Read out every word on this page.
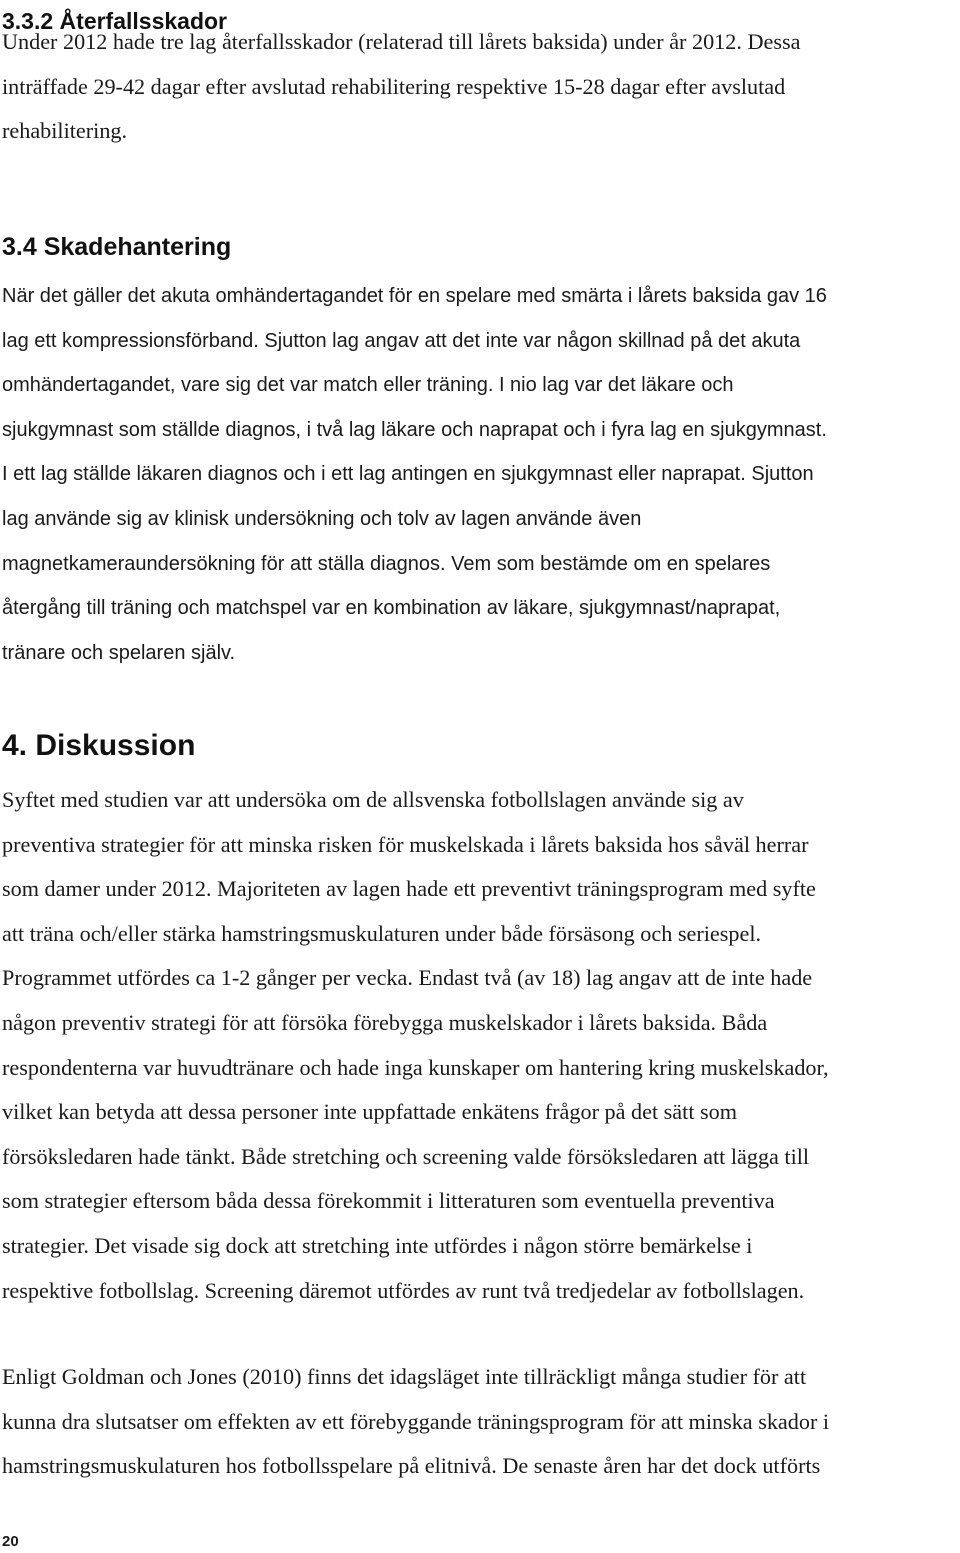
3.3.2 Återfallsskador

Under 2012 hade tre lag återfallsskador (relaterad till lårets baksida) under år 2012. Dessa
inträffade 29-42 dagar efter avslutad rehabilitering respektive 15-28 dagar efter avslutad
rehabilitering.

3.4 Skadehantering

När det gäller det akuta omhändertagandet för en spelare med smärta i lårets baksida gav 16
lag ett kompressionsförband. Sjutton lag angav att det inte var någon skillnad på det akuta
omhändertagandet, vare sig det var match eller träning. I nio lag var det läkare och
sjukgymnast som ställde diagnos, i två lag läkare och naprapat och i fyra lag en sjukgymnast.
I ett lag ställde läkaren diagnos och i ett lag antingen en sjukgymnast eller naprapat. Sjutton
lag använde sig av klinisk undersökning och tolv av lagen använde även
magnetkameraundersökning för att ställa diagnos. Vem som bestämde om en spelares
återgång till träning och matchspel var en kombination av läkare, sjukgymnast/naprapat,
tränare och spelaren själv.

4. Diskussion

Syftet med studien var att undersöka om de allsvenska fotbollslagen använde sig av
preventiva strategier för att minska risken för muskelskada i lårets baksida hos såväl herrar
som damer under 2012. Majoriteten av lagen hade ett preventivt träningsprogram med syfte
att träna och/eller stärka hamstringsmuskulaturen under både försäsong och seriespel.
Programmet utfördes ca 1-2 gånger per vecka. Endast två (av 18) lag angav att de inte hade
någon preventiv strategi för att försöka förebygga muskelskador i lårets baksida. Båda
respondenterna var huvudtränare och hade inga kunskaper om hantering kring muskelskador,
vilket kan betyda att dessa personer inte uppfattade enkätens frågor på det sätt som
försöksledaren hade tänkt. Både stretching och screening valde försöksledaren att lägga till
som strategier eftersom båda dessa förekommit i litteraturen som eventuella preventiva
strategier. Det visade sig dock att stretching inte utfördes i någon större bemärkelse i
respektive fotbollslag. Screening däremot utfördes av runt två tredjedelar av fotbollslagen.

Enligt Goldman och Jones (2010) finns det idagsläget inte tillräckligt många studier för att
kunna dra slutsatser om effekten av ett förebyggande träningsprogram för att minska skador i
hamstringsmuskulaturen hos fotbollsspelare på elitnivå. De senaste åren har det dock utförts

20
